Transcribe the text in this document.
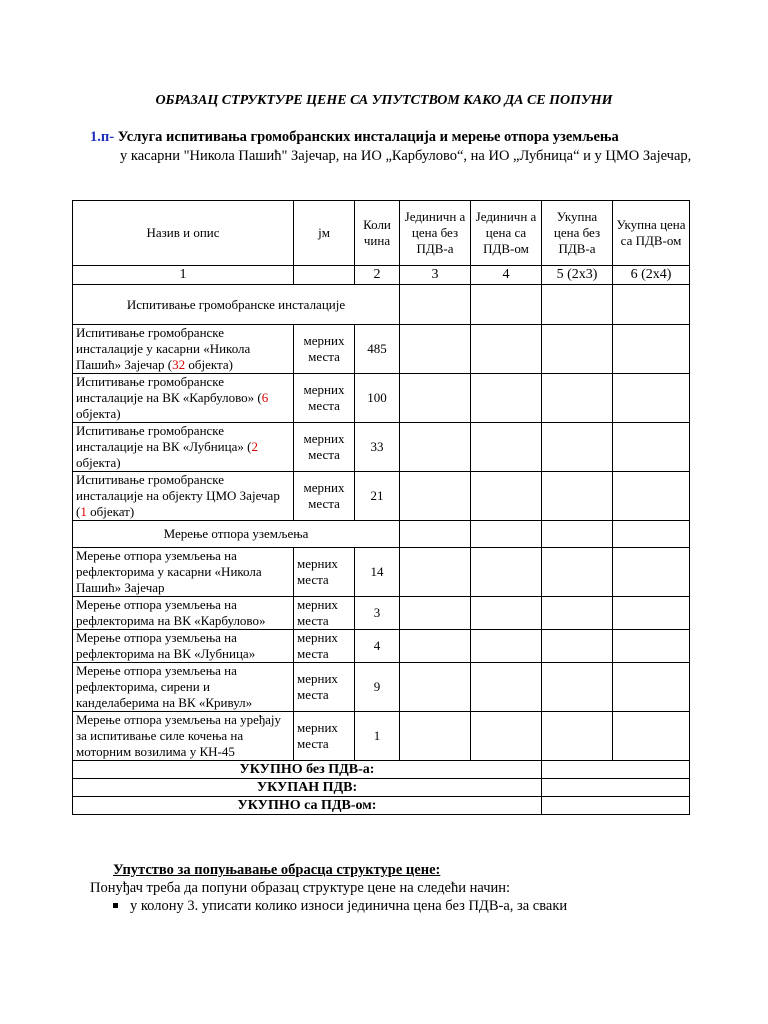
ОБРАЗАЦ СТРУКТУРЕ ЦЕНЕ СА УПУТСТВОМ КАКО ДА СЕ ПОПУНИ
1.п- Услуга испитивања громобранских инсталација и мерење отпора уземљења
у касарни "Никола Пашић" Зајечар, на ИО „Карбулово“, на ИО „Лубница“ и у ЦМО Зајечар,
Назив и опис	јм	Коли чина	Јединичн а цена без ПДВ-а	Јединичн а цена са ПДВ-ом	Укупна цена без ПДВ-а	Укупна цена са ПДВ-ом
1		2	3	4	5 (2x3)	6 (2x4)
Испитивање громобранске инсталације						
Испитивање громобранске инсталације у касарни «Никола Пашић» Зајечар (32 објекта)	мерних места	485				
Испитивање громобранске инсталације на ВК «Карбулово» (6 објекта)	мерних места	100				
Испитивање громобранске инсталације на ВК «Лубница» (2 објекта)	мерних места	33				
Испитивање громобранске инсталације на објекту ЦМО Зајечар (1 објекат)	мерних места	21				
Мерење отпора уземљења						
Мерење отпора уземљења на рефлекторима у касарни «Никола Пашић» Зајечар	мерних места	14				
Мерење отпора уземљења на рефлекторима на ВК «Карбулово»	мерних места	3				
Мерење отпора уземљења на рефлекторима на ВК «Лубница»	мерних места	4				
Мерење отпора уземљења на рефлекторима, сирени и канделаберима на ВК «Кривул»	мерних места	9				
Мерење отпора уземљења на уређају за испитивање силе кочења на моторним возилима у КН-45	мерних места	1				
УКУПНО без ПДВ-а:						
УКУПАН ПДВ:						
УКУПНО са ПДВ-ом:						
Упутство за попуњавање обрасца структуре цене:
Понуђач треба да попуни образац структуре цене на следећи начин:
у колону 3. уписати колико износи јединична цена без ПДВ-а, за сваки
